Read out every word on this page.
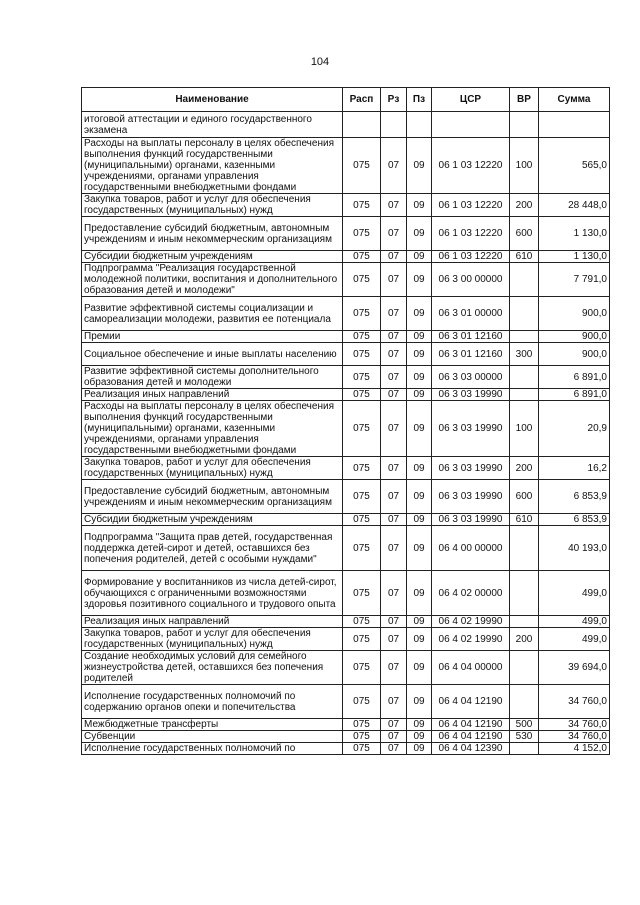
104
Наименование	Расп	Рз	Пз	ЦСР	ВР	Сумма
итоговой аттестации и единого государственного экзамена						
Расходы на выплаты персоналу в целях обеспечения выполнения функций государственными (муниципальными) органами, казенными учреждениями, органами управления государственными внебюджетными фондами	075	07	09	06 1 03 12220	100	565,0
Закупка товаров, работ и услуг для обеспечения государственных (муниципальных) нужд	075	07	09	06 1 03 12220	200	28 448,0
Предоставление субсидий бюджетным, автономным учреждениям и иным некоммерческим организациям	075	07	09	06 1 03 12220	600	1 130,0
Субсидии бюджетным учреждениям	075	07	09	06 1 03 12220	610	1 130,0
Подпрограмма "Реализация государственной молодежной политики, воспитания и дополнительного образования детей и молодежи"	075	07	09	06 3 00 00000		7 791,0
Развитие эффективной системы социализации и самореализации молодежи, развития ее потенциала	075	07	09	06 3 01 00000		900,0
Премии	075	07	09	06 3 01 12160		900,0
Социальное обеспечение и иные выплаты населению	075	07	09	06 3 01 12160	300	900,0
Развитие эффективной системы дополнительного образования детей и молодежи	075	07	09	06 3 03 00000		6 891,0
Реализация иных направлений	075	07	09	06 3 03 19990		6 891,0
Расходы на выплаты персоналу в целях обеспечения выполнения функций государственными (муниципальными) органами, казенными учреждениями, органами управления государственными внебюджетными фондами	075	07	09	06 3 03 19990	100	20,9
Закупка товаров, работ и услуг для обеспечения государственных (муниципальных) нужд	075	07	09	06 3 03 19990	200	16,2
Предоставление субсидий бюджетным, автономным учреждениям и иным некоммерческим организациям	075	07	09	06 3 03 19990	600	6 853,9
Субсидии бюджетным учреждениям	075	07	09	06 3 03 19990	610	6 853,9
Подпрограмма "Защита прав детей, государственная поддержка детей-сирот и детей, оставшихся без попечения родителей, детей с особыми нуждами"	075	07	09	06 4 00 00000		40 193,0
Формирование у воспитанников из числа детей-сирот, обучающихся с ограниченными возможностями здоровья позитивного социального и трудового опыта	075	07	09	06 4 02 00000		499,0
Реализация иных направлений	075	07	09	06 4 02 19990		499,0
Закупка товаров, работ и услуг для обеспечения государственных (муниципальных) нужд	075	07	09	06 4 02 19990	200	499,0
Создание необходимых условий для семейного жизнеустройства детей, оставшихся без попечения родителей	075	07	09	06 4 04 00000		39 694,0
Исполнение государственных полномочий по содержанию органов опеки и попечительства	075	07	09	06 4 04 12190		34 760,0
Межбюджетные трансферты	075	07	09	06 4 04 12190	500	34 760,0
Субвенции	075	07	09	06 4 04 12190	530	34 760,0
Исполнение государственных полномочий по	075	07	09	06 4 04 12390		4 152,0
